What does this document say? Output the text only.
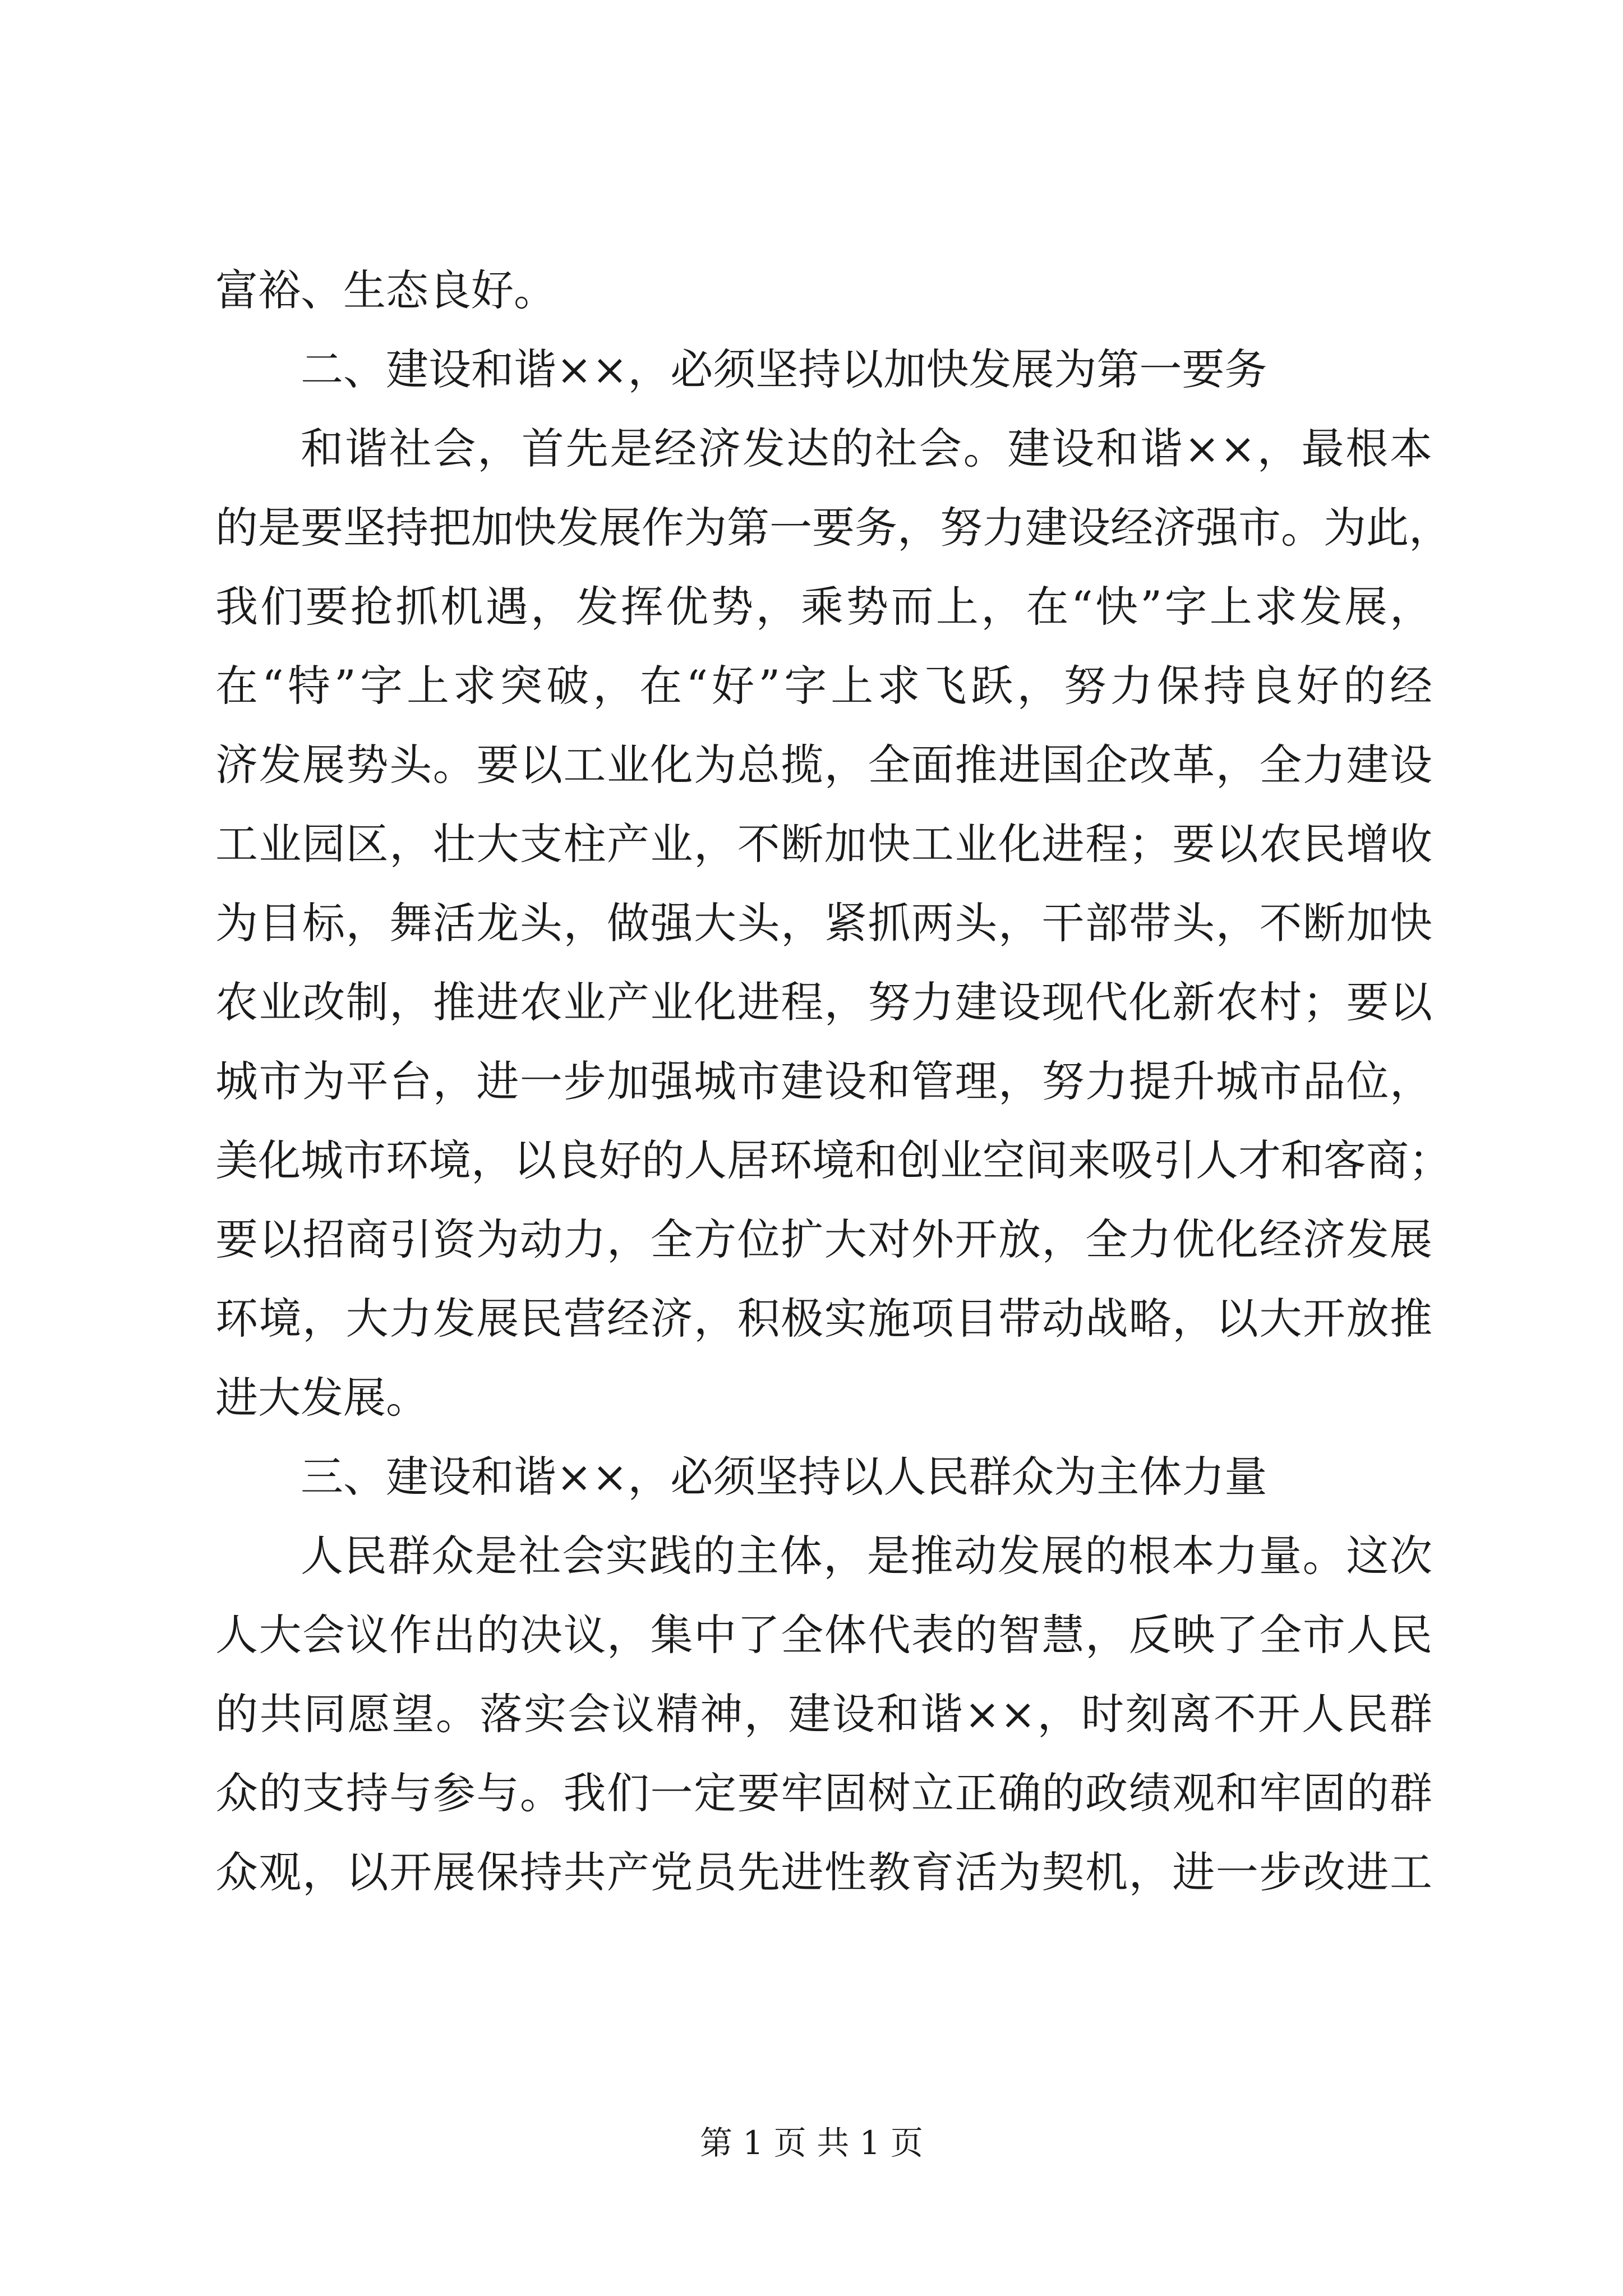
富裕、生态良好。
二、建设和谐××，必须坚持以加快发展为第一要务
和谐社会，首先是经济发达的社会。建设和谐××，最根本
的是要坚持把加快发展作为第一要务，努力建设经济强市。为此，
我们要抢抓机遇，发挥优势，乘势而上，在“快”字上求发展，
在“特”字上求突破，在“好”字上求飞跃，努力保持良好的经
济发展势头。要以工业化为总揽，全面推进国企改革，全力建设
工业园区，壮大支柱产业，不断加快工业化进程；要以农民增收
为目标，舞活龙头，做强大头，紧抓两头，干部带头，不断加快
农业改制，推进农业产业化进程，努力建设现代化新农村；要以
城市为平台，进一步加强城市建设和管理，努力提升城市品位，
美化城市环境，以良好的人居环境和创业空间来吸引人才和客商；
要以招商引资为动力，全方位扩大对外开放，全力优化经济发展
环境，大力发展民营经济，积极实施项目带动战略，以大开放推
进大发展。
三、建设和谐××，必须坚持以人民群众为主体力量
人民群众是社会实践的主体，是推动发展的根本力量。这次
人大会议作出的决议，集中了全体代表的智慧，反映了全市人民
的共同愿望。落实会议精神，建设和谐××，时刻离不开人民群
众的支持与参与。我们一定要牢固树立正确的政绩观和牢固的群
众观，以开展保持共产党员先进性教育活为契机，进一步改进工
第 1 页 共 1 页
